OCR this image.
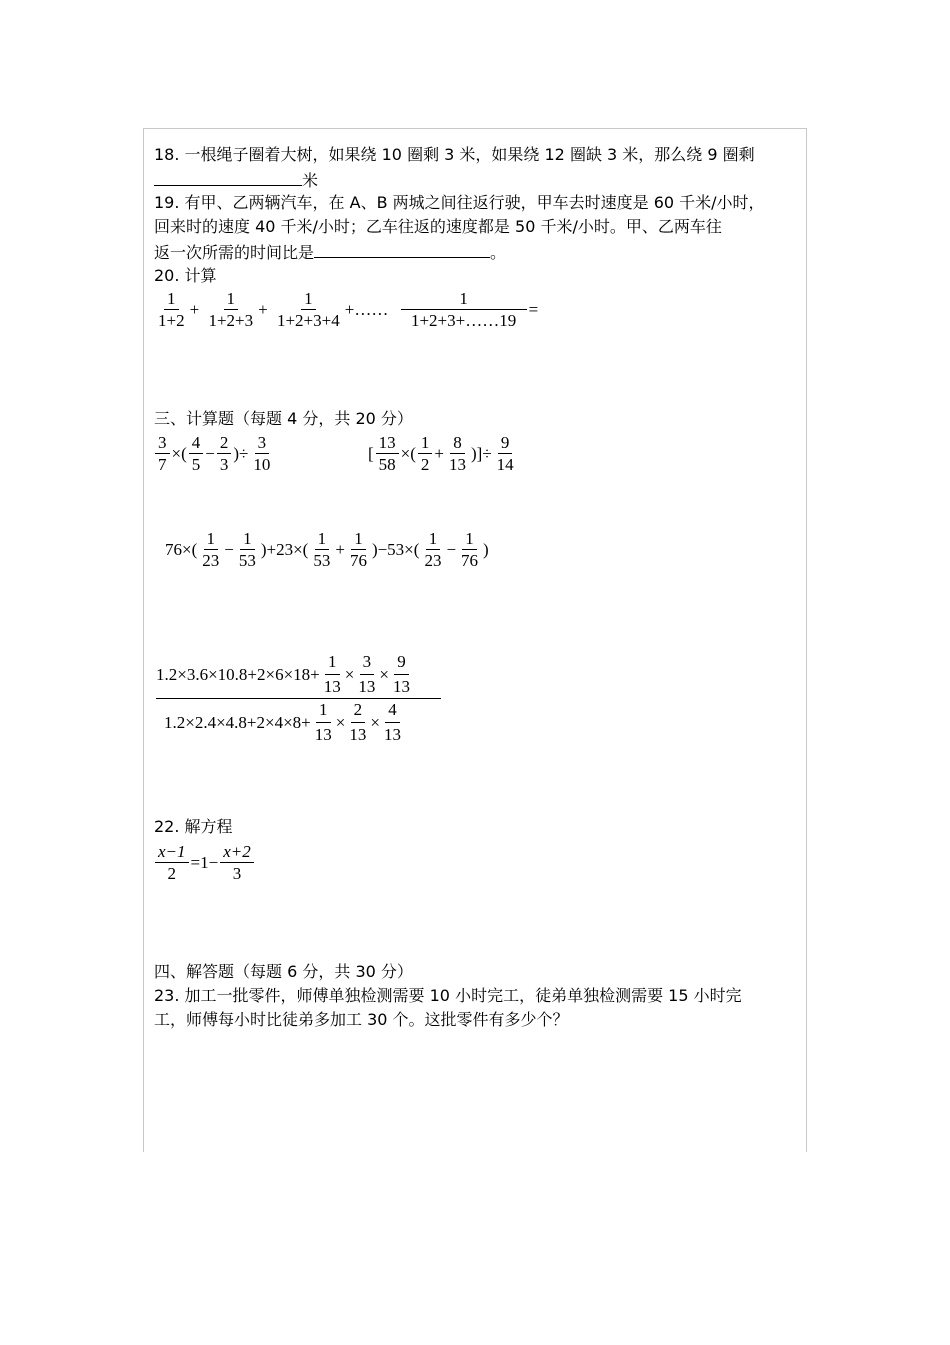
18. 一根绳子圈着大树，如果绕 10 圈剩 3 米，如果绕 12 圈缺 3 米，那么绕 9 圈剩
米
19. 有甲、乙两辆汽车，在 A、B 两城之间往返行驶，甲车去时速度是 60 千米/小时，
回来时的速度 40 千米/小时；乙车往返的速度都是 50 千米/小时。甲、乙两车往
返一次所需的时间比是	。
20. 计算
$\frac{1}{1+2} + \frac{1}{1+2+3} + \frac{1}{1+2+3+4}$ +…… $\frac{1}{1+2+3+\dots\dots 19}$ =
三、计算题（每题 4 分，共 20 分）
$\frac{3}{7}$ ×( $\frac{4}{5} - \frac{2}{3}$ )÷ $\frac{3}{10}$	[ $\frac{13}{58}$ ×( $\frac{1}{2} + \frac{8}{13}$ )]÷ $\frac{9}{14}$
$76\times( \frac{1}{23} - \frac{1}{53} )+23\times( \frac{1}{53} + \frac{1}{76} )-53\times( \frac{1}{23} - \frac{1}{76}$ )
$1.2\times 3.6\times 10.8+2\times 6\times 18+ \frac{1}{13} \times \frac{3}{13} \times \frac{9}{13}$
$1.2\times 2.4\times 4.8+2\times 4\times 8+ \frac{1}{13} \times \frac{2}{13} \times \frac{4}{13}$
22. 解方程
$\frac{x-1}{2} =1- \frac{x+2}{3}$
四、解答题（每题 6 分，共 30 分）
23. 加工一批零件，师傅单独检测需要 10 小时完工，徒弟单独检测需要 15 小时完
工，师傅每小时比徒弟多加工 30 个。这批零件有多少个？
